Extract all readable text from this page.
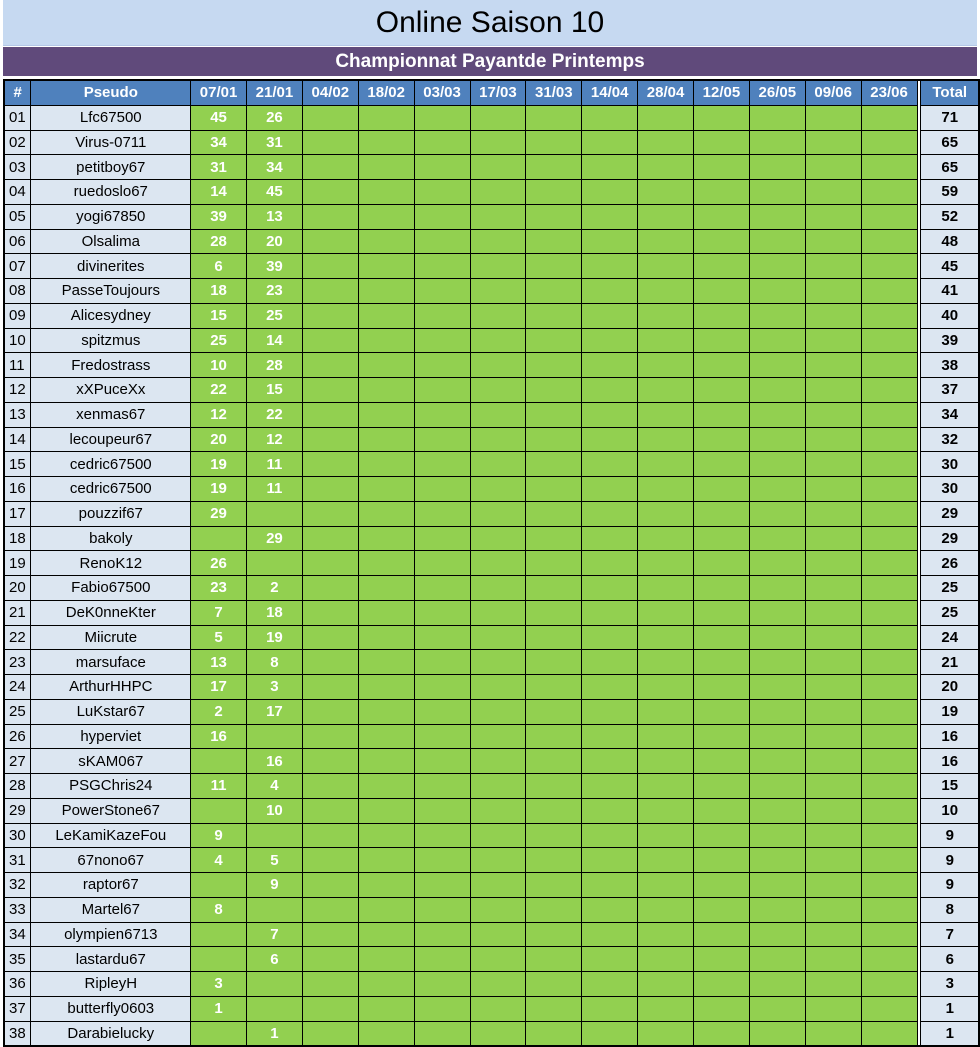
Online Saison 10
Championnat Payantde Printemps
#	Pseudo	07/01	21/01	04/02	18/02	03/03	17/03	31/03	14/04	28/04	12/05	26/05	09/06	23/06		Total
01	Lfc67500	45	26													71
02	Virus-0711	34	31													65
03	petitboy67	31	34													65
04	ruedoslo67	14	45													59
05	yogi67850	39	13													52
06	Olsalima	28	20													48
07	divinerites	6	39													45
08	PasseToujours	18	23													41
09	Alicesydney	15	25													40
10	spitzmus	25	14													39
11	Fredostrass	10	28													38
12	xXPuceXx	22	15													37
13	xenmas67	12	22													34
14	lecoupeur67	20	12													32
15	cedric67500	19	11													30
16	cedric67500	19	11													30
17	pouzzif67	29														29
18	bakoly		29													29
19	RenoK12	26														26
20	Fabio67500	23	2													25
21	DeK0nneKter	7	18													25
22	Miicrute	5	19													24
23	marsuface	13	8													21
24	ArthurHHPC	17	3													20
25	LuKstar67	2	17													19
26	hyperviet	16														16
27	sKAM067		16													16
28	PSGChris24	11	4													15
29	PowerStone67		10													10
30	LeKamiKazeFou	9														9
31	67nono67	4	5													9
32	raptor67		9													9
33	Martel67	8														8
34	olympien6713		7													7
35	lastardu67		6													6
36	RipleyH	3														3
37	butterfly0603	1														1
38	Darabielucky		1													1
